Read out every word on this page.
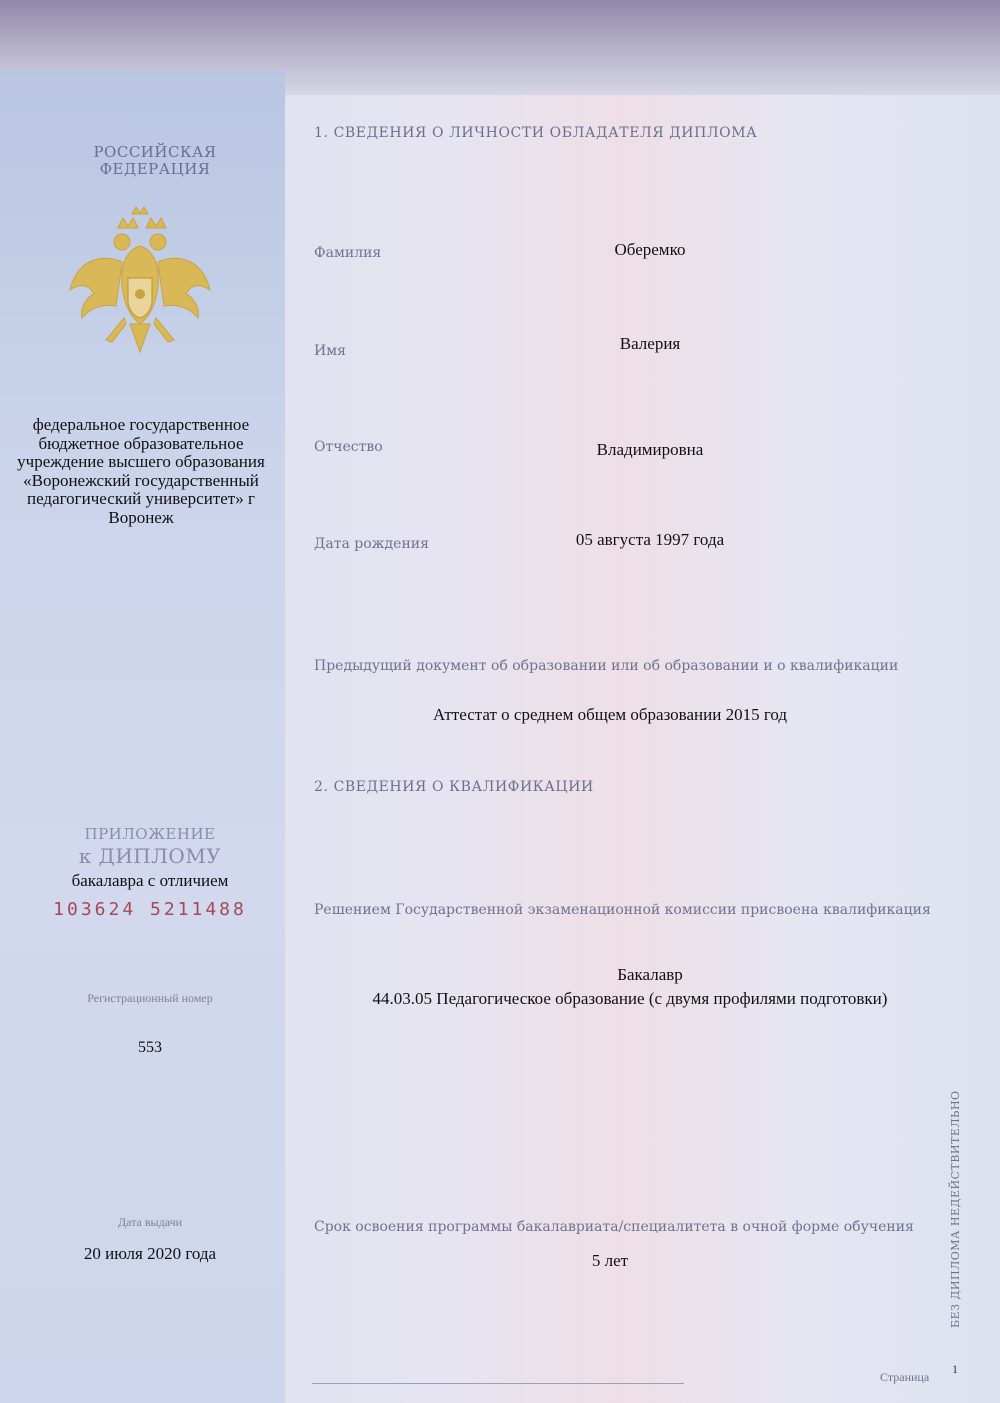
РОССИЙСКАЯ
ФЕДЕРАЦИЯ
федеральное государственное бюджетное образовательное учреждение высшего образования «Воронежский государственный педагогический университет» г Воронеж
ПРИЛОЖЕНИЕ
к ДИПЛОМУ
бакалавра с отличием
103624 5211488
Регистрационный номер
553
Дата выдачи
20 июля 2020 года
1. СВЕДЕНИЯ О ЛИЧНОСТИ ОБЛАДАТЕЛЯ ДИПЛОМА
Фамилия	Оберемко
Имя	Валерия
Отчество	Владимировна
Дата рождения	05 августа 1997 года
Предыдущий документ об образовании или об образовании и о квалификации
Аттестат о среднем общем образовании 2015 год
2. СВЕДЕНИЯ О КВАЛИФИКАЦИИ
Решением Государственной экзаменационной комиссии присвоена квалификация
Бакалавр
44.03.05 Педагогическое образование (с двумя профилями подготовки)
Срок освоения программы бакалавриата/специалитета в очной форме обучения
5 лет	БЕЗ ДИПЛОМА НЕДЕЙСТВИТЕЛЬНО
Страница
1
